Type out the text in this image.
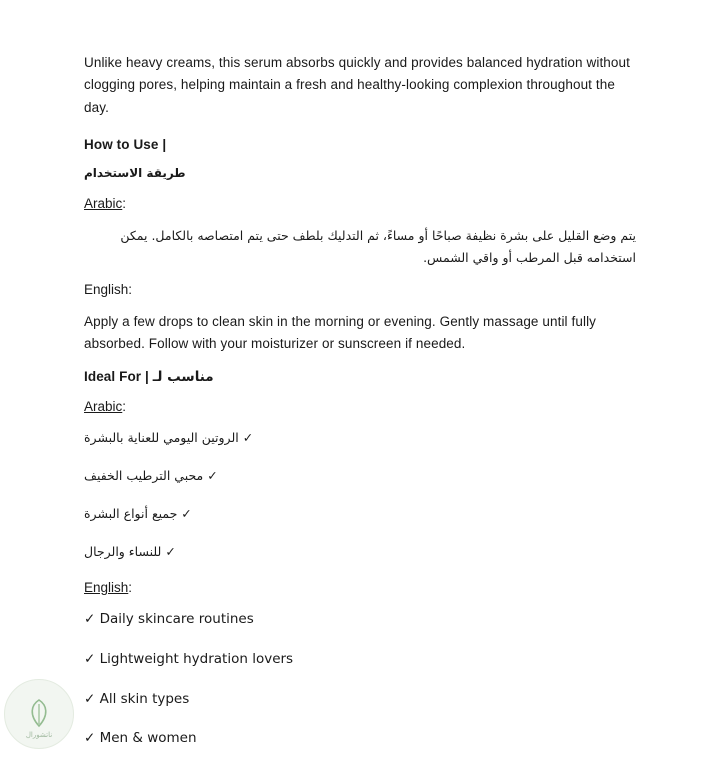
Unlike heavy creams, this serum absorbs quickly and provides balanced hydration without clogging pores, helping maintain a fresh and healthy-looking complexion throughout the day.

How to Use |

طريقة الاستخدام

Arabic:

يتم وضع القليل على بشرة نظيفة صباحًا أو مساءً، ثم التدليك بلطف حتى يتم امتصاصه بالكامل. يمكن استخدامه قبل المرطب أو واقي الشمس.

English:

Apply a few drops to clean skin in the morning or evening. Gently massage until fully absorbed. Follow with your moisturizer or sunscreen if needed.

Ideal For | مناسب لـ

Arabic:

✓ الروتين اليومي للعناية بالبشرة

✓ محبي الترطيب الخفيف

✓ جميع أنواع البشرة

✓ للنساء والرجال

English:

✓ Daily skincare routines

✓ Lightweight hydration lovers

✓ All skin types

✓ Men & women

ناتشورال
